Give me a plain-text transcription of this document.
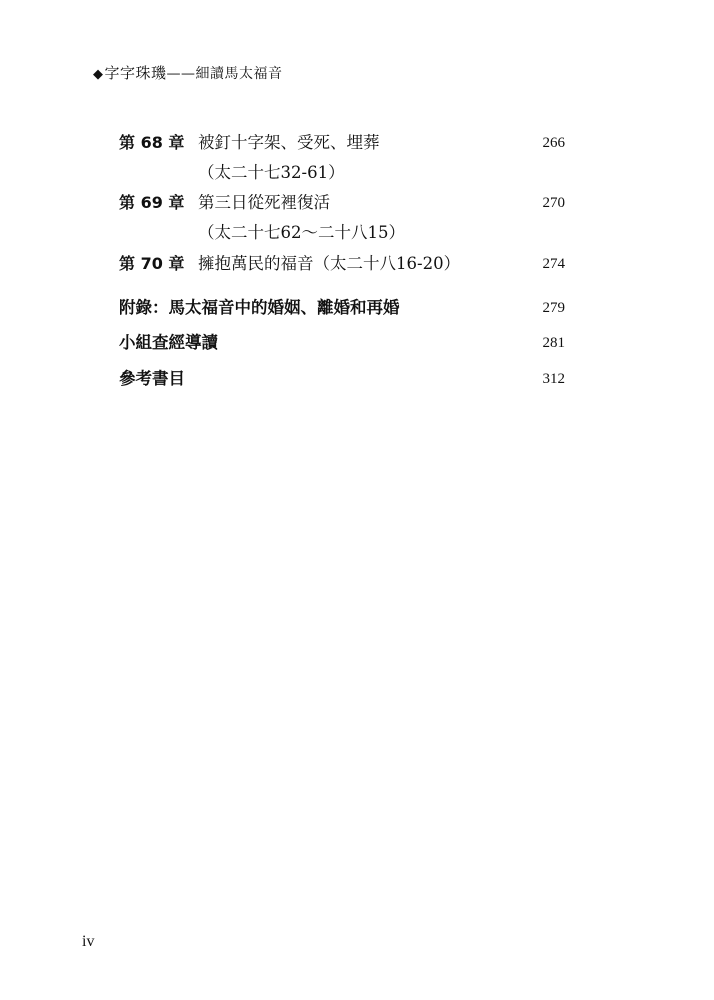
◆字字珠璣——細讀馬太福音
第 68 章 被釘十字架、受死、埋葬	266
（太二十七32-61）
第 69 章 第三日從死裡復活	270
（太二十七62～二十八15）
第 70 章 擁抱萬民的福音（太二十八16-20）	274
附錄：馬太福音中的婚姻、離婚和再婚	279
小組查經導讀	281
參考書目	312
iv
